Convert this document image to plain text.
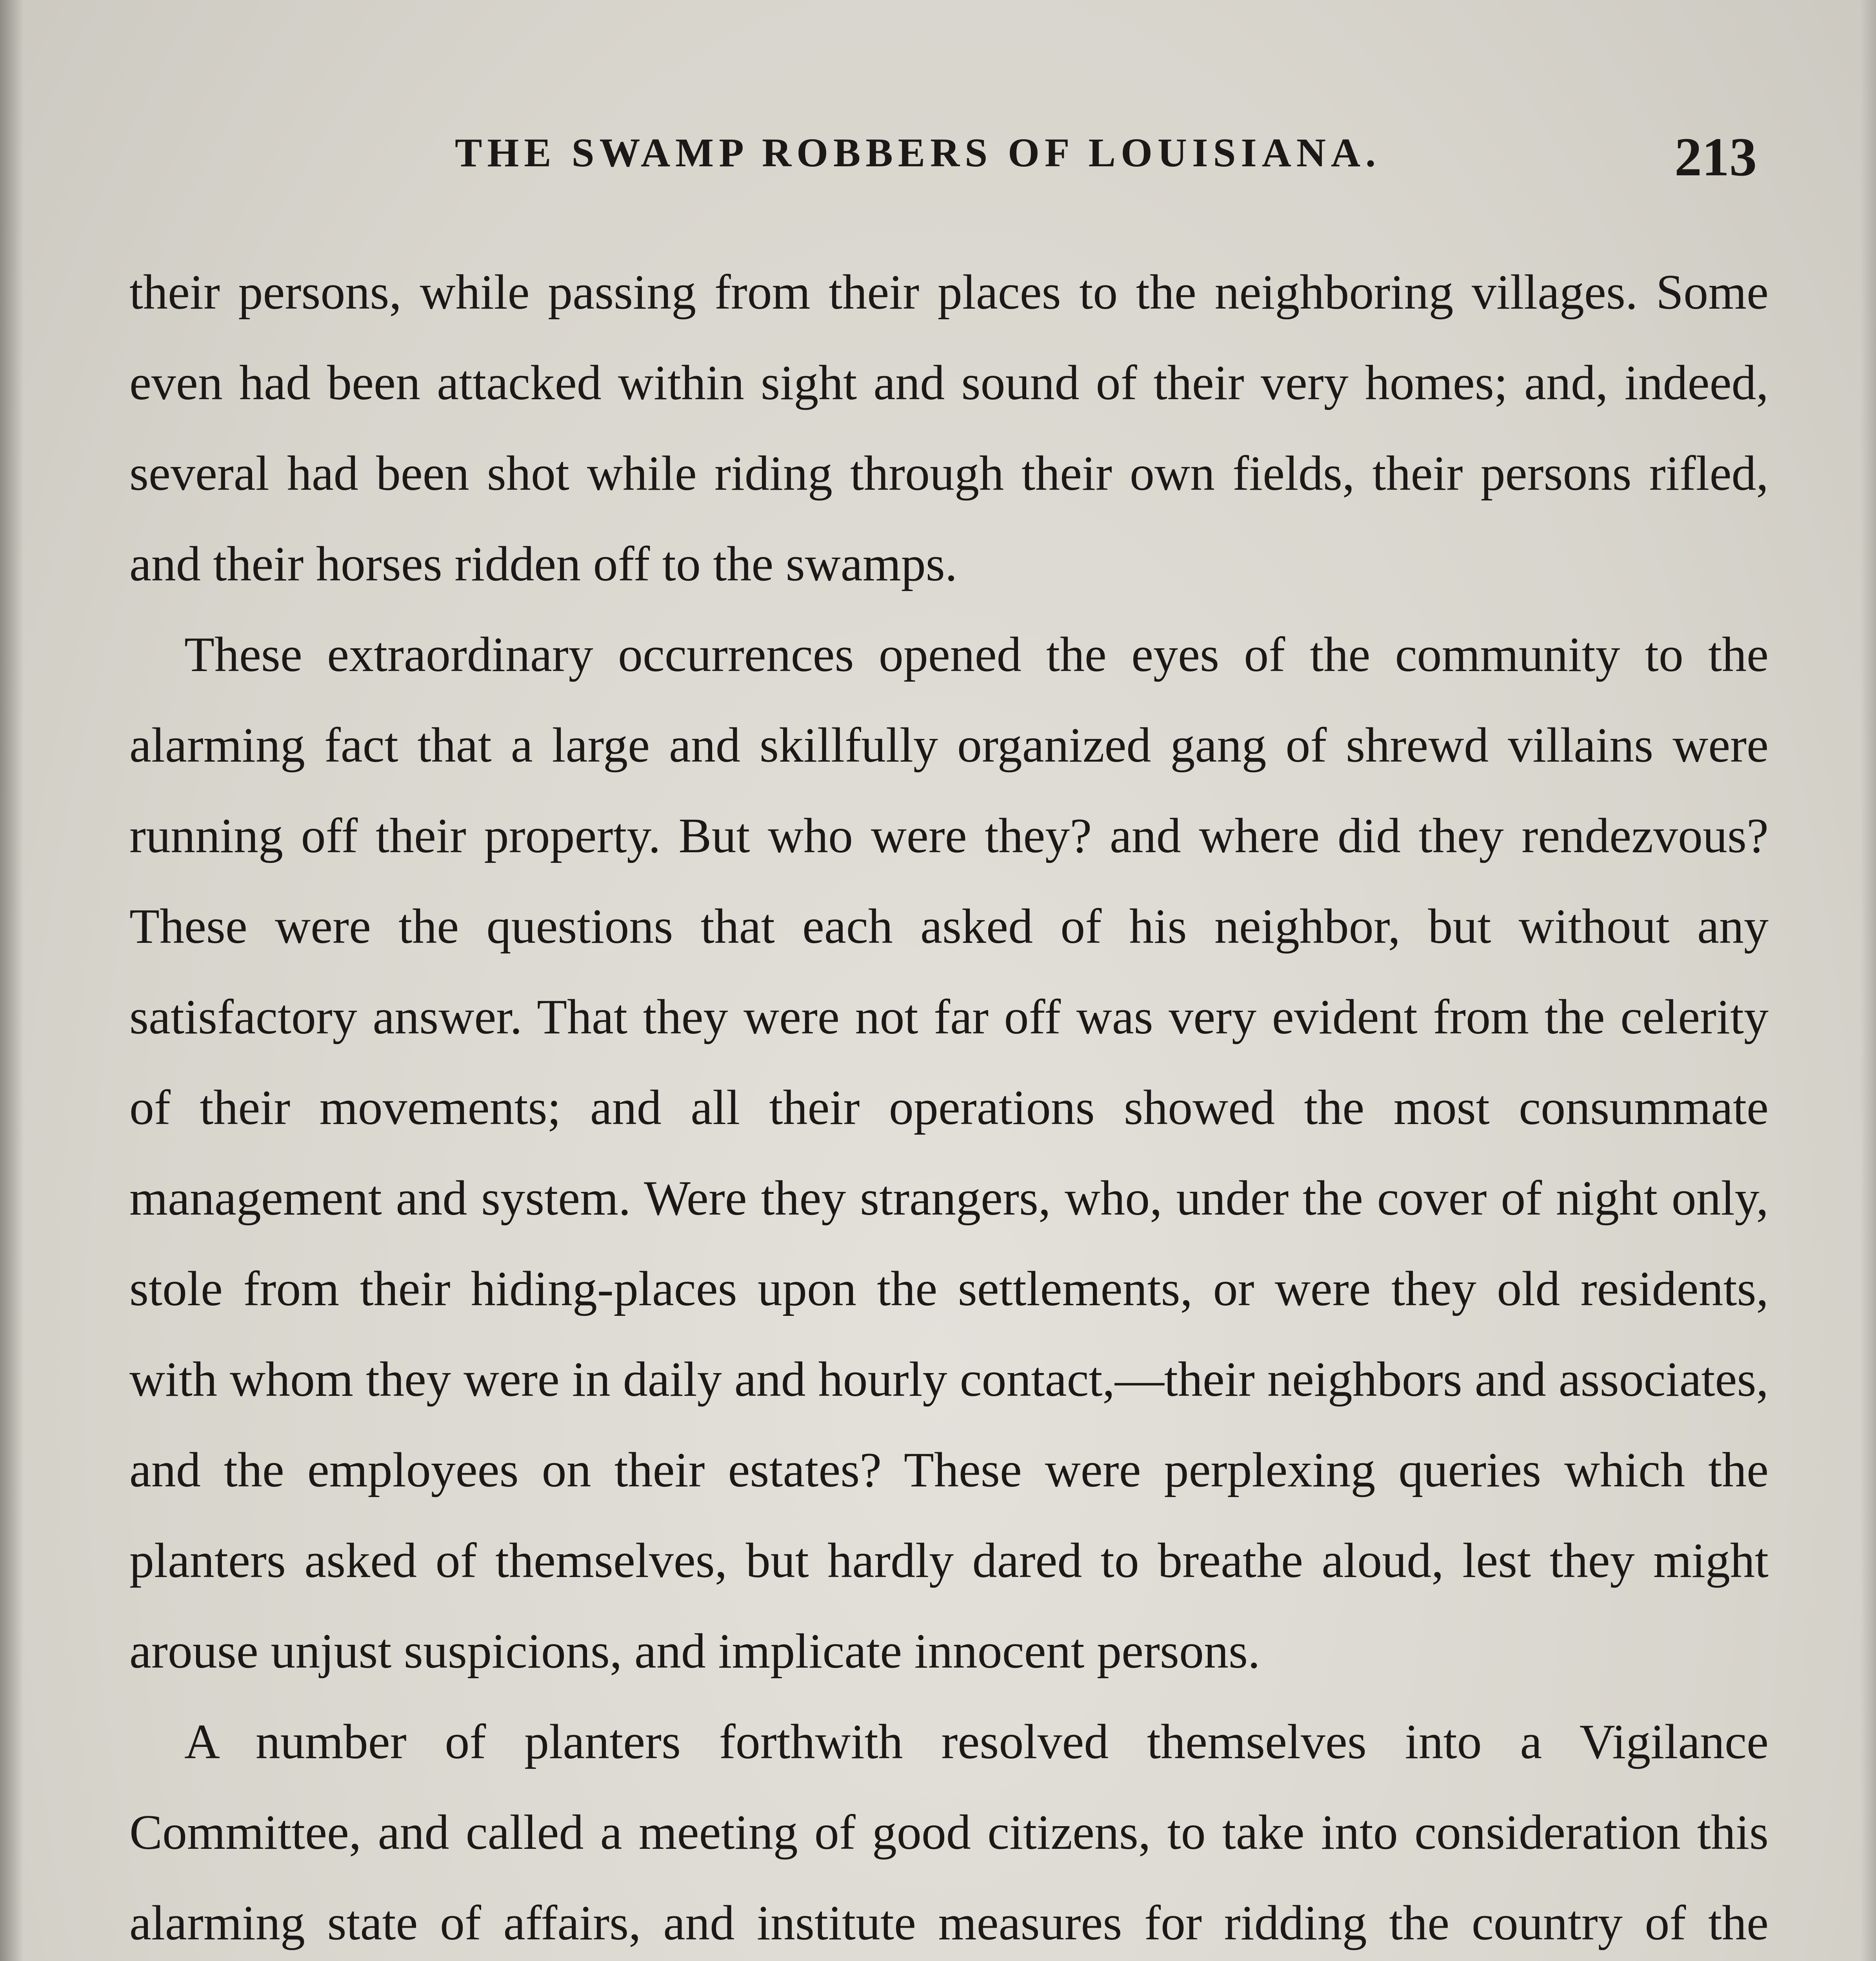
THE SWAMP ROBBERS OF LOUISIANA.	213

their persons, while passing from their places to the neighboring villages. Some even had been attacked within sight and sound of their very homes; and, indeed, several had been shot while riding through their own fields, their persons rifled, and their horses ridden off to the swamps.

These extraordinary occurrences opened the eyes of the community to the alarming fact that a large and skillfully organized gang of shrewd villains were running off their property. But who were they? and where did they rendezvous? These were the questions that each asked of his neighbor, but without any satisfactory answer. That they were not far off was very evident from the celerity of their movements; and all their operations showed the most consummate management and system. Were they strangers, who, under the cover of night only, stole from their hiding-places upon the settlements, or were they old residents, with whom they were in daily and hourly contact,—their neighbors and associates, and the employees on their estates? These were perplexing queries which the planters asked of themselves, but hardly dared to breathe aloud, lest they might arouse unjust suspicions, and implicate innocent persons.

A number of planters forthwith resolved themselves into a Vigilance Committee, and called a meeting of good citizens, to take into consideration this alarming state of affairs, and institute measures for ridding the country of the
